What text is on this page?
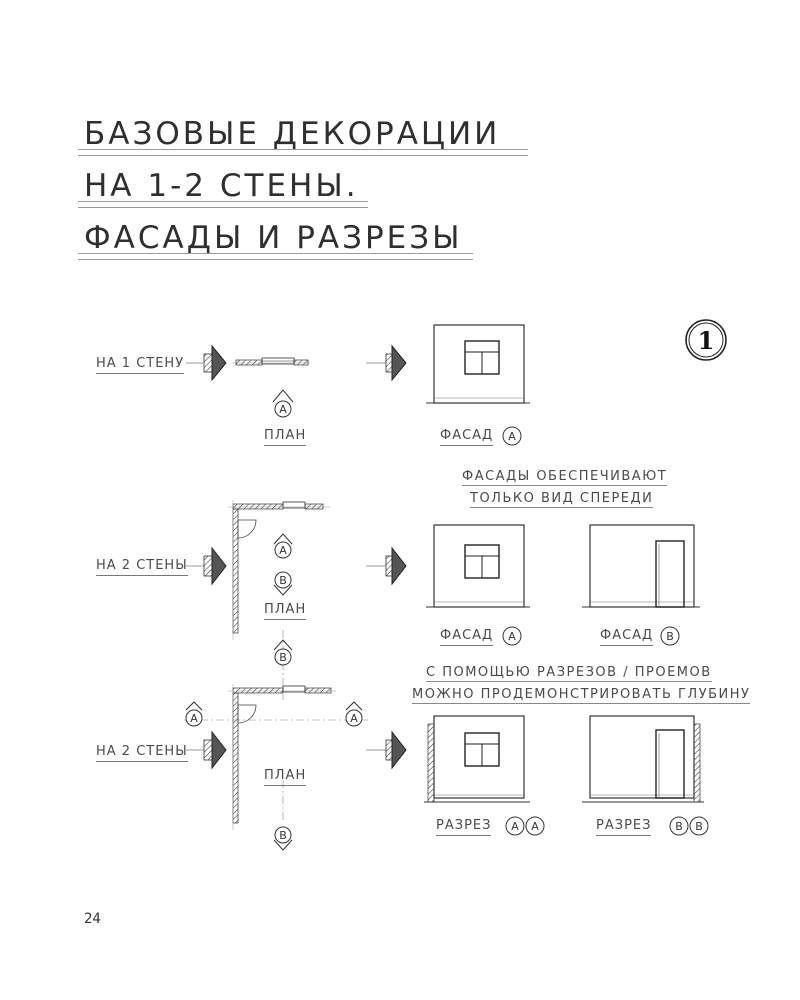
БАЗОВЫЕ ДЕКОРАЦИИ
НА 1-2 СТЕНЫ.
ФАСАДЫ И РАЗРЕЗЫ
1
A
A
B
B
A	A
B
A
A	B
A A	B B
НА 1 СТЕНУ
ПЛАН	ФАСАД
ФАСАДЫ ОБЕСПЕЧИВАЮТ
ТОЛЬКО ВИД СПЕРЕДИ
НА 2 СТЕНЫ
ПЛАН
ФАСАД	ФАСАД
С ПОМОЩЬЮ РАЗРЕЗОВ / ПРОЕМОВ
МОЖНО ПРОДЕМОНСТРИРОВАТЬ ГЛУБИНУ
НА 2 СТЕНЫ
ПЛАН
РАЗРЕЗ	РАЗРЕЗ
24
